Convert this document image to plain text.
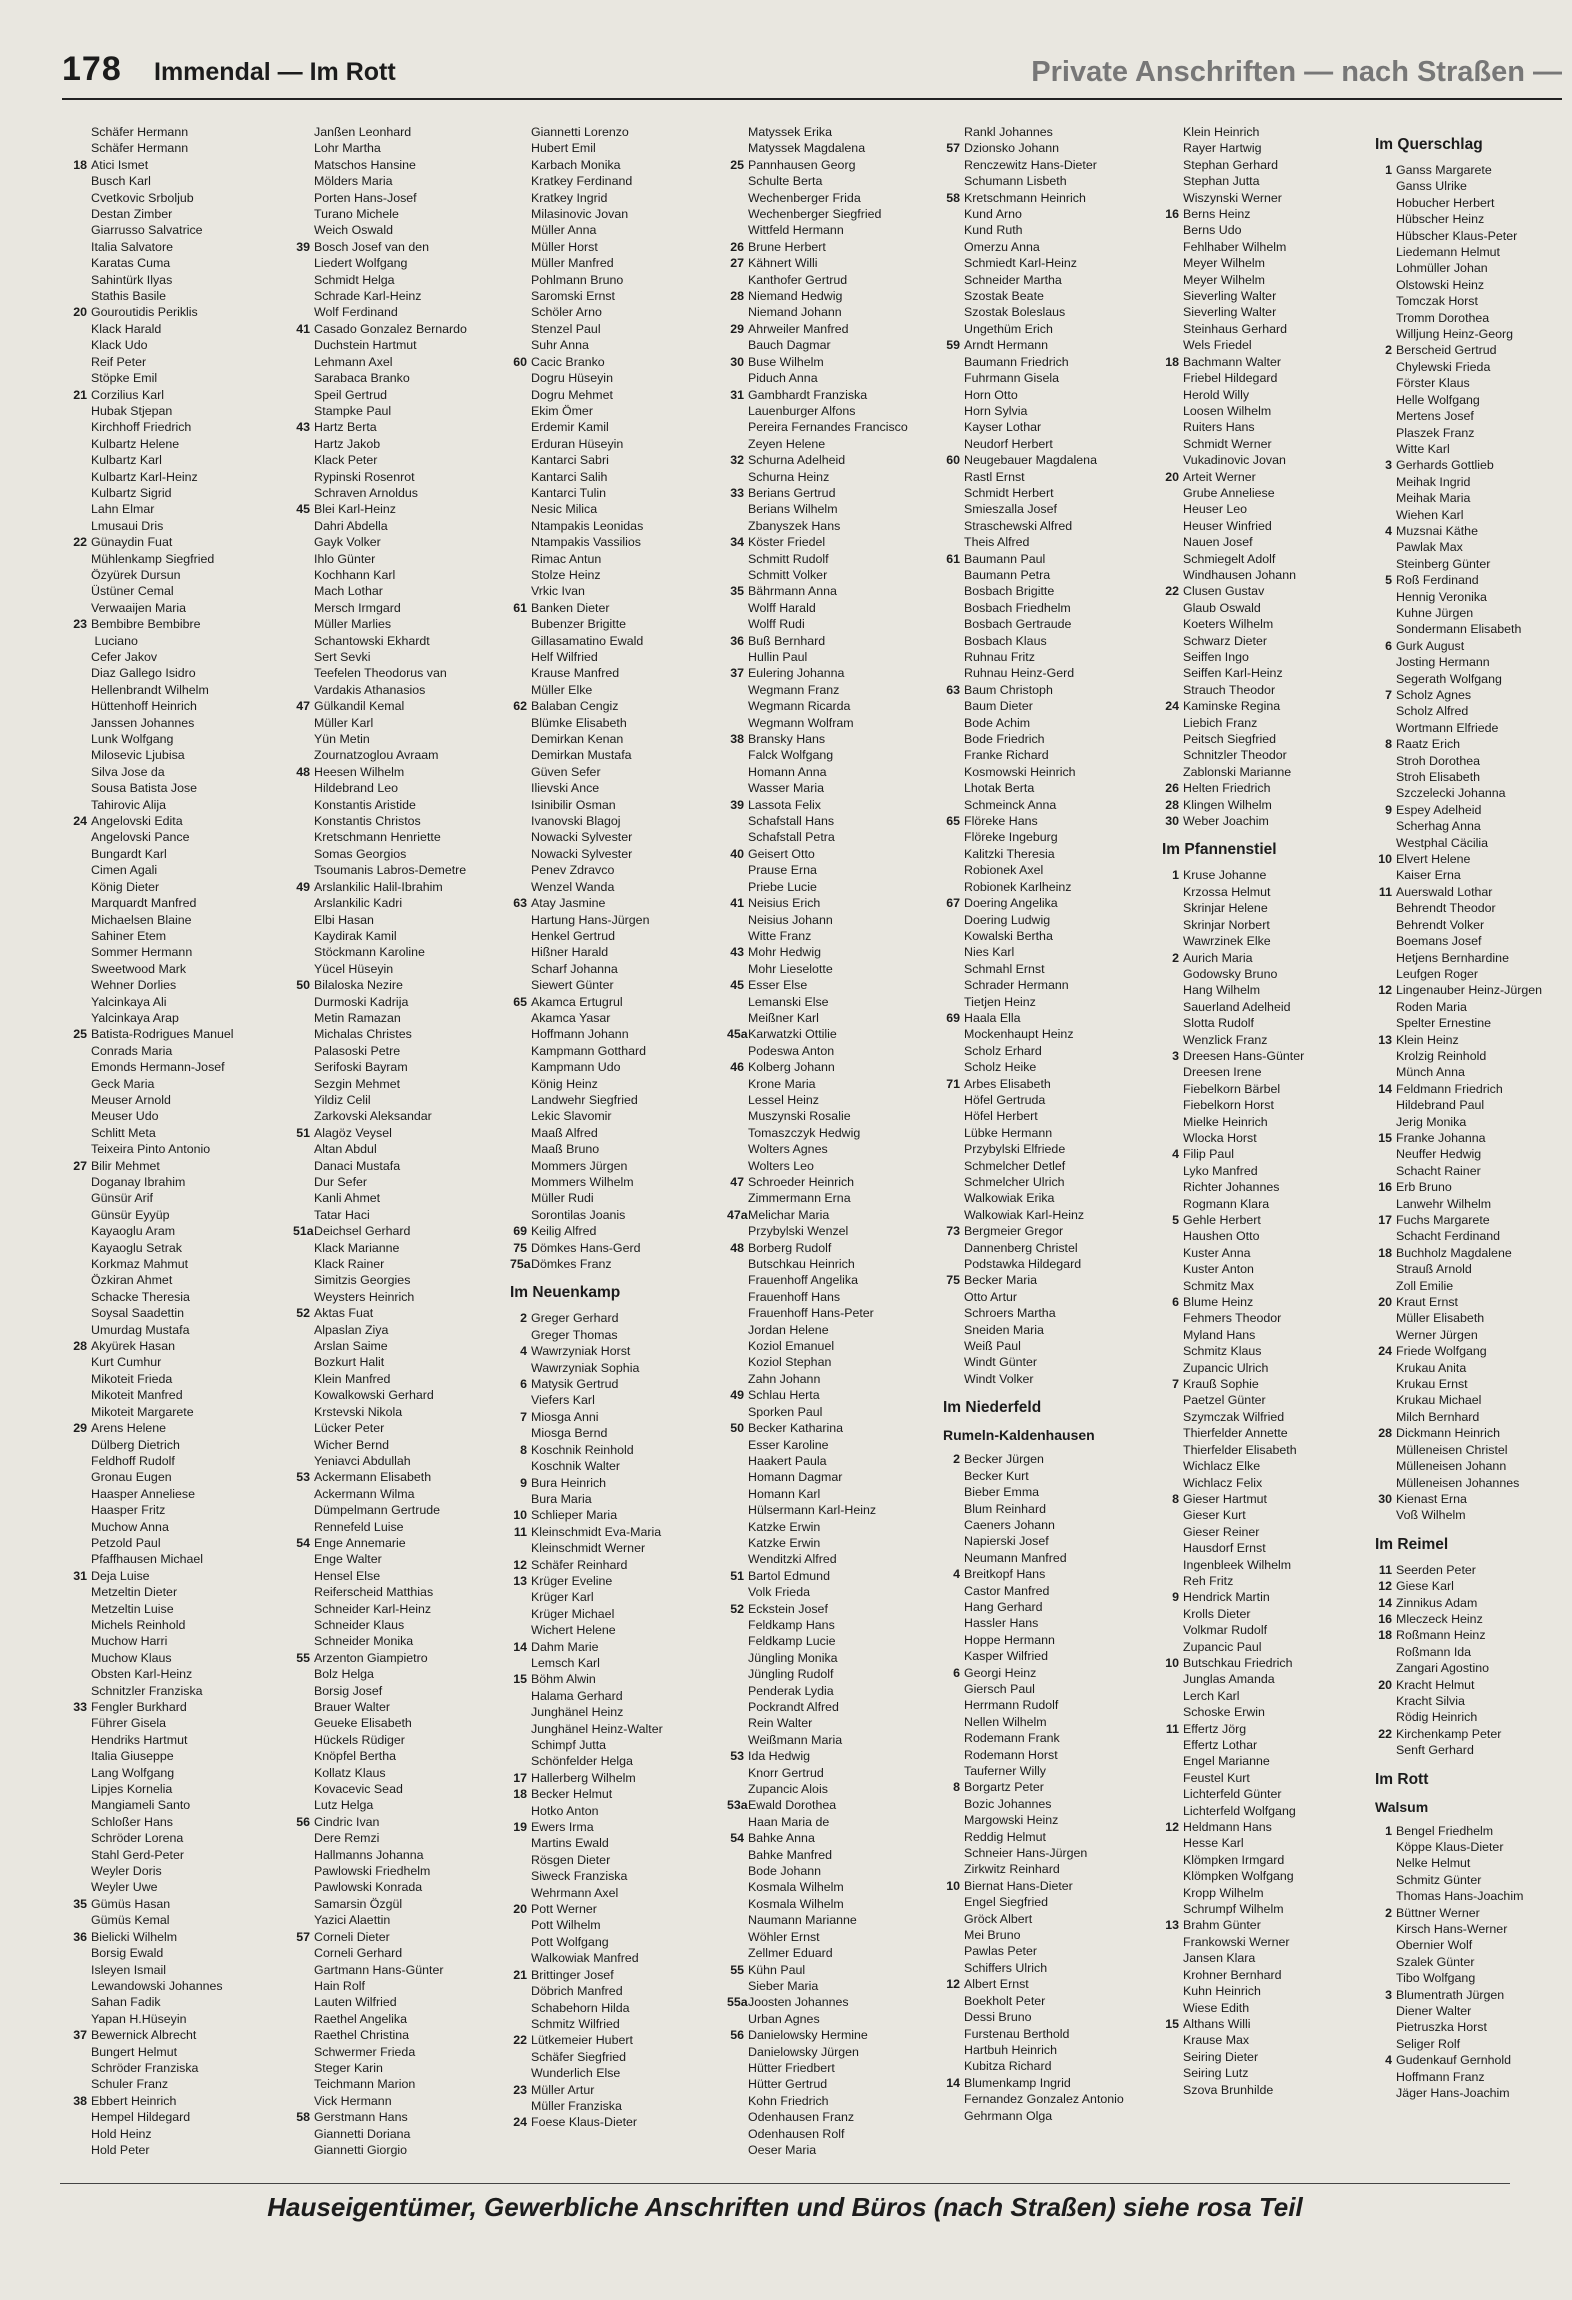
178 Immendal — Im Rott	Private Anschriften — nach Straßen —
Schäfer Hermann
Schäfer Hermann
18 Atici Ismet
Busch Karl
Cvetkovic Srboljub
Destan Zimber
Giarrusso Salvatrice
Italia Salvatore
Karatas Cuma
Sahintürk Ilyas
Stathis Basile
20 Gouroutidis Periklis
Klack Harald
Klack Udo
Reif Peter
Stöpke Emil
21 Corzilius Karl
Hubak Stjepan
Kirchhoff Friedrich
Kulbartz Helene
Kulbartz Karl
Kulbartz Karl-Heinz
Kulbartz Sigrid
Lahn Elmar
Lmusaui Dris
22 Günaydin Fuat
Mühlenkamp Siegfried
Özyürek Dursun
Üstüner Cemal
Verwaaijen Maria
23 Bembibre Bembibre
Luciano
Cefer Jakov
Diaz Gallego Isidro
Hellenbrandt Wilhelm
Hüttenhoff Heinrich
Janssen Johannes
Lunk Wolfgang
Milosevic Ljubisa
Silva Jose da
Sousa Batista Jose
Tahirovic Alija
24 Angelovski Edita
Angelovski Pance
Bungardt Karl
Cimen Agali
König Dieter
Marquardt Manfred
Michaelsen Blaine
Sahiner Etem
Sommer Hermann
Sweetwood Mark
Wehner Dorlies
Yalcinkaya Ali
Yalcinkaya Arap
25 Batista-Rodrigues Manuel
Conrads Maria
Emonds Hermann-Josef
Geck Maria
Meuser Arnold
Meuser Udo
Schlitt Meta
Teixeira Pinto Antonio
27 Bilir Mehmet
Doganay Ibrahim
Günsür Arif
Günsür Eyyüp
Kayaoglu Aram
Kayaoglu Setrak
Korkmaz Mahmut
Özkiran Ahmet
Schacke Theresia
Soysal Saadettin
Umurdag Mustafa
28 Akyürek Hasan
Kurt Cumhur
Mikoteit Frieda
Mikoteit Manfred
Mikoteit Margarete
29 Arens Helene
Dülberg Dietrich
Feldhoff Rudolf
Gronau Eugen
Haasper Anneliese
Haasper Fritz
Muchow Anna
Petzold Paul
Pfaffhausen Michael
31 Deja Luise
Metzeltin Dieter
Metzeltin Luise
Michels Reinhold
Muchow Harri
Muchow Klaus
Obsten Karl-Heinz
Schnitzler Franziska
33 Fengler Burkhard
Führer Gisela
Hendriks Hartmut
Italia Giuseppe
Lang Wolfgang
Lipjes Kornelia
Mangiameli Santo
Schloßer Hans
Schröder Lorena
Stahl Gerd-Peter
Weyler Doris
Weyler Uwe
35 Gümüs Hasan
Gümüs Kemal
36 Bielicki Wilhelm
Borsig Ewald
Isleyen Ismail
Lewandowski Johannes
Sahan Fadik
Yapan H.Hüseyin
37 Bewernick Albrecht
Bungert Helmut
Schröder Franziska
Schuler Franz
38 Ebbert Heinrich
Hempel Hildegard
Hold Heinz
Hold Peter
Janßen Leonhard
Lohr Martha
Matschos Hansine
Mölders Maria
Porten Hans-Josef
Turano Michele
Weich Oswald
39 Bosch Josef van den
Liedert Wolfgang
Schmidt Helga
Schrade Karl-Heinz
Wolf Ferdinand
41 Casado Gonzalez Bernardo
Duchstein Hartmut
Lehmann Axel
Sarabaca Branko
Speil Gertrud
Stampke Paul
43 Hartz Berta
Hartz Jakob
Klack Peter
Rypinski Rosenrot
Schraven Arnoldus
45 Blei Karl-Heinz
Dahri Abdella
Gayk Volker
Ihlo Günter
Kochhann Karl
Mach Lothar
Mersch Irmgard
Müller Marlies
Schantowski Ekhardt
Sert Sevki
Teefelen Theodorus van
Vardakis Athanasios
47 Gülkandil Kemal
Müller Karl
Yün Metin
Zournatzoglou Avraam
48 Heesen Wilhelm
Hildebrand Leo
Konstantis Aristide
Konstantis Christos
Kretschmann Henriette
Somas Georgios
Tsoumanis Labros-Demetre
49 Arslankilic Halil-Ibrahim
Arslankilic Kadri
Elbi Hasan
Kaydirak Kamil
Stöckmann Karoline
Yücel Hüseyin
50 Bilaloska Nezire
Durmoski Kadrija
Metin Ramazan
Michalas Christes
Palasoski Petre
Serifoski Bayram
Sezgin Mehmet
Yildiz Celil
Zarkovski Aleksandar
51 Alagöz Veysel
Altan Abdul
Danaci Mustafa
Dur Sefer
Kanli Ahmet
Tatar Haci
51aDeichsel Gerhard
Klack Marianne
Klack Rainer
Simitzis Georgies
Weysters Heinrich
52 Aktas Fuat
Alpaslan Ziya
Arslan Saime
Bozkurt Halit
Klein Manfred
Kowalkowski Gerhard
Krstevski Nikola
Lücker Peter
Wicher Bernd
Yeniavci Abdullah
53 Ackermann Elisabeth
Ackermann Wilma
Dümpelmann Gertrude
Rennefeld Luise
54 Enge Annemarie
Enge Walter
Hensel Else
Reiferscheid Matthias
Schneider Karl-Heinz
Schneider Klaus
Schneider Monika
55 Arzenton Giampietro
Bolz Helga
Borsig Josef
Brauer Walter
Geueke Elisabeth
Hückels Rüdiger
Knöpfel Bertha
Kollatz Klaus
Kovacevic Sead
Lutz Helga
56 Cindric Ivan
Dere Remzi
Hallmanns Johanna
Pawlowski Friedhelm
Pawlowski Konrada
Samarsin Özgül
Yazici Alaettin
57 Corneli Dieter
Corneli Gerhard
Gartmann Hans-Günter
Hain Rolf
Lauten Wilfried
Raethel Angelika
Raethel Christina
Schwermer Frieda
Steger Karin
Teichmann Marion
Vick Hermann
58 Gerstmann Hans
Giannetti Doriana
Giannetti Giorgio
Giannetti Lorenzo
Hubert Emil
Karbach Monika
Kratkey Ferdinand
Kratkey Ingrid
Milasinovic Jovan
Müller Anna
Müller Horst
Müller Manfred
Pohlmann Bruno
Saromski Ernst
Schöler Arno
Stenzel Paul
Suhr Anna
60 Cacic Branko
Dogru Hüseyin
Dogru Mehmet
Ekim Ömer
Erdemir Kamil
Erduran Hüseyin
Kantarci Sabri
Kantarci Salih
Kantarci Tulin
Nesic Milica
Ntampakis Leonidas
Ntampakis Vassilios
Rimac Antun
Stolze Heinz
Vrkic Ivan
61 Banken Dieter
Bubenzer Brigitte
Gillasamatino Ewald
Helf Wilfried
Krause Manfred
Müller Elke
62 Balaban Cengiz
Blümke Elisabeth
Demirkan Kenan
Demirkan Mustafa
Güven Sefer
Ilievski Ance
Isinibilir Osman
Ivanovski Blagoj
Nowacki Sylvester
Nowacki Sylvester
Penev Zdravco
Wenzel Wanda
63 Atay Jasmine
Hartung Hans-Jürgen
Henkel Gertrud
Hißner Harald
Scharf Johanna
Siewert Günter
65 Akamca Ertugrul
Akamca Yasar
Hoffmann Johann
Kampmann Gotthard
Kampmann Udo
König Heinz
Landwehr Siegfried
Lekic Slavomir
Maaß Alfred
Maaß Bruno
Mommers Jürgen
Mommers Wilhelm
Müller Rudi
Sorontilas Joanis
69 Keilig Alfred
75 Dömkes Hans-Gerd
75aDömkes Franz
Im Neuenkamp
2 Greger Gerhard
Greger Thomas
4 Wawrzyniak Horst
Wawrzyniak Sophia
6 Matysik Gertrud
Viefers Karl
7 Miosga Anni
Miosga Bernd
8 Koschnik Reinhold
Koschnik Walter
9 Bura Heinrich
Bura Maria
10 Schlieper Maria
11 Kleinschmidt Eva-Maria
Kleinschmidt Werner
12 Schäfer Reinhard
13 Krüger Eveline
Krüger Karl
Krüger Michael
Wichert Helene
14 Dahm Marie
Lemsch Karl
15 Böhm Alwin
Halama Gerhard
Junghänel Heinz
Junghänel Heinz-Walter
Schimpf Jutta
Schönfelder Helga
17 Hallerberg Wilhelm
18 Becker Helmut
Hotko Anton
19 Ewers Irma
Martins Ewald
Rösgen Dieter
Siweck Franziska
Wehrmann Axel
20 Pott Werner
Pott Wilhelm
Pott Wolfgang
Walkowiak Manfred
21 Brittinger Josef
Döbrich Manfred
Schabehorn Hilda
Schmitz Wilfried
22 Lütkemeier Hubert
Schäfer Siegfried
Wunderlich Else
23 Müller Artur
Müller Franziska
24 Foese Klaus-Dieter
Matyssek Erika
Matyssek Magdalena
25 Pannhausen Georg
Schulte Berta
Wechenberger Frida
Wechenberger Siegfried
Wittfeld Hermann
26 Brune Herbert
27 Kähnert Willi
Kanthofer Gertrud
28 Niemand Hedwig
Niemand Johann
29 Ahrweiler Manfred
Bauch Dagmar
30 Buse Wilhelm
Piduch Anna
31 Gambhardt Franziska
Lauenburger Alfons
Pereira Fernandes Francisco
Zeyen Helene
32 Schurna Adelheid
Schurna Heinz
33 Berians Gertrud
Berians Wilhelm
Zbanyszek Hans
34 Köster Friedel
Schmitt Rudolf
Schmitt Volker
35 Bährmann Anna
Wolff Harald
Wolff Rudi
36 Buß Bernhard
Hullin Paul
37 Eulering Johanna
Wegmann Franz
Wegmann Ricarda
Wegmann Wolfram
38 Bransky Hans
Falck Wolfgang
Homann Anna
Wasser Maria
39 Lassota Felix
Schafstall Hans
Schafstall Petra
40 Geisert Otto
Prause Erna
Priebe Lucie
41 Neisius Erich
Neisius Johann
Witte Franz
43 Mohr Hedwig
Mohr Lieselotte
45 Esser Else
Lemanski Else
Meißner Karl
45aKarwatzki Ottilie
Podeswa Anton
46 Kolberg Johann
Krone Maria
Lessel Heinz
Muszynski Rosalie
Tomaszczyk Hedwig
Wolters Agnes
Wolters Leo
47 Schroeder Heinrich
Zimmermann Erna
47aMelichar Maria
Przybylski Wenzel
48 Borberg Rudolf
Butschkau Heinrich
Frauenhoff Angelika
Frauenhoff Hans
Frauenhoff Hans-Peter
Jordan Helene
Koziol Emanuel
Koziol Stephan
Zahn Johann
49 Schlau Herta
Sporken Paul
50 Becker Katharina
Esser Karoline
Haakert Paula
Homann Dagmar
Homann Karl
Hülsermann Karl-Heinz
Katzke Erwin
Katzke Erwin
Wenditzki Alfred
51 Bartol Edmund
Volk Frieda
52 Eckstein Josef
Feldkamp Hans
Feldkamp Lucie
Jüngling Monika
Jüngling Rudolf
Penderak Lydia
Pockrandt Alfred
Rein Walter
Weißmann Maria
53 Ida Hedwig
Knorr Gertrud
Zupancic Alois
53aEwald Dorothea
Haan Maria de
54 Bahke Anna
Bahke Manfred
Bode Johann
Kosmala Wilhelm
Kosmala Wilhelm
Naumann Marianne
Wöhler Ernst
Zellmer Eduard
55 Kühn Paul
Sieber Maria
55aJoosten Johannes
Urban Agnes
56 Danielowsky Hermine
Danielowsky Jürgen
Hütter Friedbert
Hütter Gertrud
Kohn Friedrich
Odenhausen Franz
Odenhausen Rolf
Oeser Maria
Rankl Johannes
57 Dzionsko Johann
Renczewitz Hans-Dieter
Schumann Lisbeth
58 Kretschmann Heinrich
Kund Arno
Kund Ruth
Omerzu Anna
Schmiedt Karl-Heinz
Schneider Martha
Szostak Beate
Szostak Boleslaus
Ungethüm Erich
59 Arndt Hermann
Baumann Friedrich
Fuhrmann Gisela
Horn Otto
Horn Sylvia
Kayser Lothar
Neudorf Herbert
60 Neugebauer Magdalena
Rastl Ernst
Schmidt Herbert
Smieszalla Josef
Straschewski Alfred
Theis Alfred
61 Baumann Paul
Baumann Petra
Bosbach Brigitte
Bosbach Friedhelm
Bosbach Gertraude
Bosbach Klaus
Ruhnau Fritz
Ruhnau Heinz-Gerd
63 Baum Christoph
Baum Dieter
Bode Achim
Bode Friedrich
Franke Richard
Kosmowski Heinrich
Lhotak Berta
Schmeinck Anna
65 Flöreke Hans
Flöreke Ingeburg
Kalitzki Theresia
Robionek Axel
Robionek Karlheinz
67 Doering Angelika
Doering Ludwig
Kowalski Bertha
Nies Karl
Schmahl Ernst
Schrader Hermann
Tietjen Heinz
69 Haala Ella
Mockenhaupt Heinz
Scholz Erhard
Scholz Heike
71 Arbes Elisabeth
Höfel Gertruda
Höfel Herbert
Lübke Hermann
Przybylski Elfriede
Schmelcher Detlef
Schmelcher Ulrich
Walkowiak Erika
Walkowiak Karl-Heinz
73 Bergmeier Gregor
Dannenberg Christel
Podstawka Hildegard
75 Becker Maria
Otto Artur
Schroers Martha
Sneiden Maria
Weiß Paul
Windt Günter
Windt Volker
Im Niederfeld
Rumeln-Kaldenhausen
2 Becker Jürgen
Becker Kurt
Bieber Emma
Blum Reinhard
Caeners Johann
Napierski Josef
Neumann Manfred
4 Breitkopf Hans
Castor Manfred
Hang Gerhard
Hassler Hans
Hoppe Hermann
Kasper Wilfried
6 Georgi Heinz
Giersch Paul
Herrmann Rudolf
Nellen Wilhelm
Rodemann Frank
Rodemann Horst
Tauferner Willy
8 Borgartz Peter
Bozic Johannes
Margowski Heinz
Reddig Helmut
Schneier Hans-Jürgen
Zirkwitz Reinhard
10 Biernat Hans-Dieter
Engel Siegfried
Gröck Albert
Mei Bruno
Pawlas Peter
Schiffers Ulrich
12 Albert Ernst
Boekholt Peter
Dessi Bruno
Furstenau Berthold
Hartbuh Heinrich
Kubitza Richard
14 Blumenkamp Ingrid
Fernandez Gonzalez Antonio
Gehrmann Olga
Klein Heinrich
Rayer Hartwig
Stephan Gerhard
Stephan Jutta
Wiszynski Werner
16 Berns Heinz
Berns Udo
Fehlhaber Wilhelm
Meyer Wilhelm
Meyer Wilhelm
Sieverling Walter
Sieverling Walter
Steinhaus Gerhard
Wels Friedel
18 Bachmann Walter
Friebel Hildegard
Herold Willy
Loosen Wilhelm
Ruiters Hans
Schmidt Werner
Vukadinovic Jovan
20 Arteit Werner
Grube Anneliese
Heuser Leo
Heuser Winfried
Nauen Josef
Schmiegelt Adolf
Windhausen Johann
22 Clusen Gustav
Glaub Oswald
Koeters Wilhelm
Schwarz Dieter
Seiffen Ingo
Seiffen Karl-Heinz
Strauch Theodor
24 Kaminske Regina
Liebich Franz
Peitsch Siegfried
Schnitzler Theodor
Zablonski Marianne
26 Helten Friedrich
28 Klingen Wilhelm
30 Weber Joachim
Im Pfannenstiel
1 Kruse Johanne
Krzossa Helmut
Skrinjar Helene
Skrinjar Norbert
Wawrzinek Elke
2 Aurich Maria
Godowsky Bruno
Hang Wilhelm
Sauerland Adelheid
Slotta Rudolf
Wenzlick Franz
3 Dreesen Hans-Günter
Dreesen Irene
Fiebelkorn Bärbel
Fiebelkorn Horst
Mielke Heinrich
Wlocka Horst
4 Filip Paul
Lyko Manfred
Richter Johannes
Rogmann Klara
5 Gehle Herbert
Haushen Otto
Kuster Anna
Kuster Anton
Schmitz Max
6 Blume Heinz
Fehmers Theodor
Myland Hans
Schmitz Klaus
Zupancic Ulrich
7 Krauß Sophie
Paetzel Günter
Szymczak Wilfried
Thierfelder Annette
Thierfelder Elisabeth
Wichlacz Elke
Wichlacz Felix
8 Gieser Hartmut
Gieser Kurt
Gieser Reiner
Hausdorf Ernst
Ingenbleek Wilhelm
Reh Fritz
9 Hendrick Martin
Krolls Dieter
Volkmar Rudolf
Zupancic Paul
10 Butschkau Friedrich
Junglas Amanda
Lerch Karl
Schoske Erwin
11 Effertz Jörg
Effertz Lothar
Engel Marianne
Feustel Kurt
Lichterfeld Günter
Lichterfeld Wolfgang
12 Heldmann Hans
Hesse Karl
Klömpken Irmgard
Klömpken Wolfgang
Kropp Wilhelm
Schrumpf Wilhelm
13 Brahm Günter
Frankowski Werner
Jansen Klara
Krohner Bernhard
Kuhn Heinrich
Wiese Edith
15 Althans Willi
Krause Max
Seiring Dieter
Seiring Lutz
Szova Brunhilde
Im Querschlag
1 Ganss Margarete
Ganss Ulrike
Hobucher Herbert
Hübscher Heinz
Hübscher Klaus-Peter
Liedemann Helmut
Lohmüller Johan
Olstowski Heinz
Tomczak Horst
Tromm Dorothea
Willjung Heinz-Georg
2 Berscheid Gertrud
Chylewski Frieda
Förster Klaus
Helle Wolfgang
Mertens Josef
Plaszek Franz
Witte Karl
3 Gerhards Gottlieb
Meihak Ingrid
Meihak Maria
Wiehen Karl
4 Muzsnai Käthe
Pawlak Max
Steinberg Günter
5 Roß Ferdinand
Hennig Veronika
Kuhne Jürgen
Sondermann Elisabeth
6 Gurk August
Josting Hermann
Segerath Wolfgang
7 Scholz Agnes
Scholz Alfred
Wortmann Elfriede
8 Raatz Erich
Stroh Dorothea
Stroh Elisabeth
Szczelecki Johanna
9 Espey Adelheid
Scherhag Anna
Westphal Cäcilia
10 Elvert Helene
Kaiser Erna
11 Auerswald Lothar
Behrendt Theodor
Behrendt Volker
Boemans Josef
Hetjens Bernhardine
Leufgen Roger
12 Lingenauber Heinz-Jürgen
Roden Maria
Spelter Ernestine
13 Klein Heinz
Krolzig Reinhold
Münch Anna
14 Feldmann Friedrich
Hildebrand Paul
Jerig Monika
15 Franke Johanna
Neuffer Hedwig
Schacht Rainer
16 Erb Bruno
Lanwehr Wilhelm
17 Fuchs Margarete
Schacht Ferdinand
18 Buchholz Magdalene
Strauß Arnold
Zoll Emilie
20 Kraut Ernst
Müller Elisabeth
Werner Jürgen
24 Friede Wolfgang
Krukau Anita
Krukau Ernst
Krukau Michael
Milch Bernhard
28 Dickmann Heinrich
Mülleneisen Christel
Mülleneisen Johann
Mülleneisen Johannes
30 Kienast Erna
Voß Wilhelm
Im Reimel
11 Seerden Peter
12 Giese Karl
14 Zinnikus Adam
16 Mleczeck Heinz
18 Roßmann Heinz
Roßmann Ida
Zangari Agostino
20 Kracht Helmut
Kracht Silvia
Rödig Heinrich
22 Kirchenkamp Peter
Senft Gerhard
Im Rott
Walsum
1 Bengel Friedhelm
Köppe Klaus-Dieter
Nelke Helmut
Schmitz Günter
Thomas Hans-Joachim
2 Büttner Werner
Kirsch Hans-Werner
Obernier Wolf
Szalek Günter
Tibo Wolfgang
3 Blumentrath Jürgen
Diener Walter
Pietruszka Horst
Seliger Rolf
4 Gudenkauf Gernhold
Hoffmann Franz
Jäger Hans-Joachim
Hauseigentümer, Gewerbliche Anschriften und Büros (nach Straßen) siehe rosa Teil
